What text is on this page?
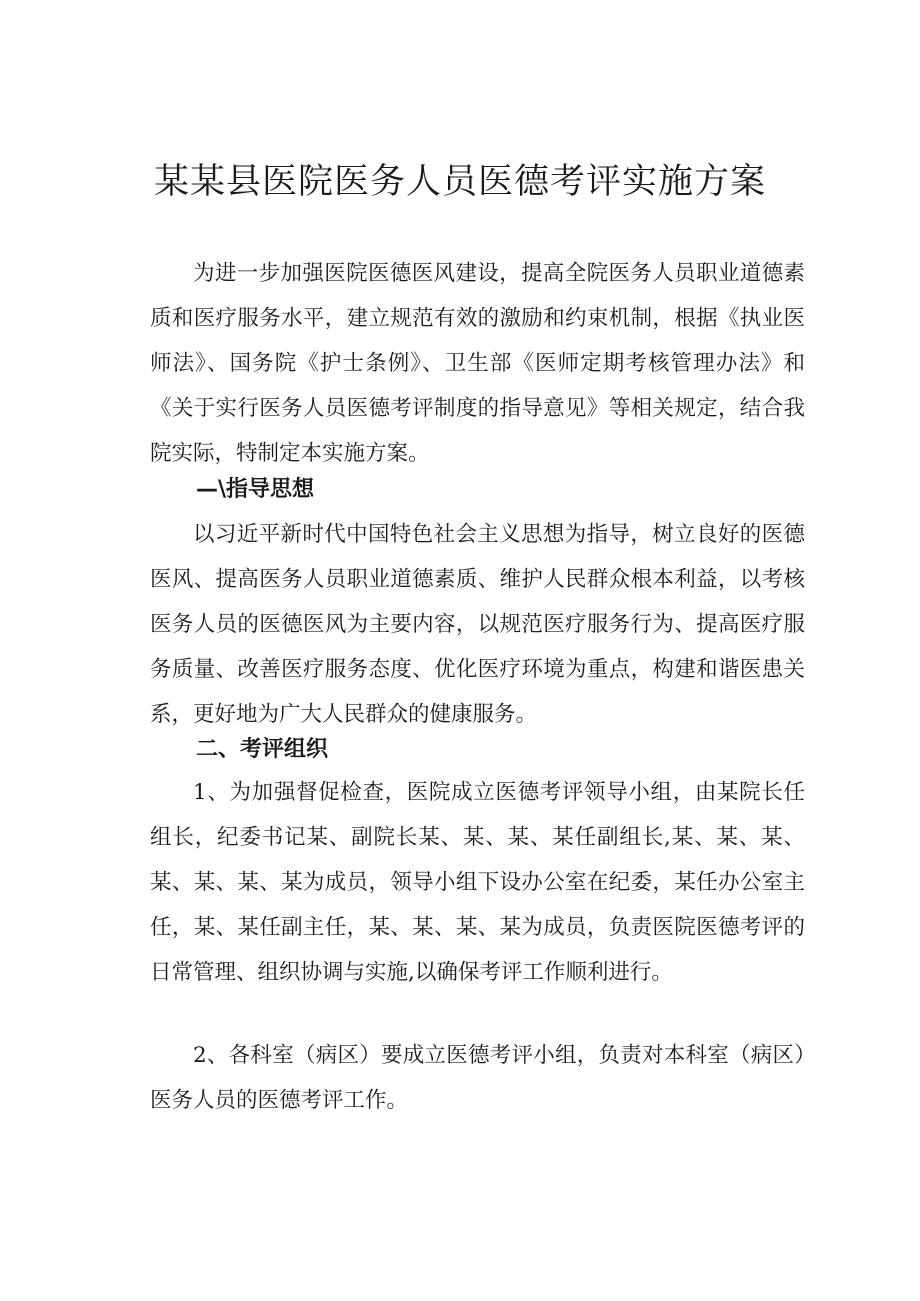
某某县医院医务人员医德考评实施方案

为进一步加强医院医德医风建设，提高全院医务人员职业道德素质和医疗服务水平，建立规范有效的激励和约束机制，根据《执业医师法》、国务院《护士条例》、卫生部《医师定期考核管理办法》和《关于实行医务人员医德考评制度的指导意见》等相关规定，结合我院实际，特制定本实施方案。

—\指导思想

以习近平新时代中国特色社会主义思想为指导，树立良好的医德医风、提高医务人员职业道德素质、维护人民群众根本利益，以考核医务人员的医德医风为主要内容，以规范医疗服务行为、提高医疗服务质量、改善医疗服务态度、优化医疗环境为重点，构建和谐医患关系，更好地为广大人民群众的健康服务。

二、考评组织

1、为加强督促检查，医院成立医德考评领导小组，由某院长任组长，纪委书记某、副院长某、某、某、某任副组长,某、某、某、某、某、某、某为成员，领导小组下设办公室在纪委，某任办公室主任，某、某任副主任，某、某、某、某为成员，负责医院医德考评的日常管理、组织协调与实施,以确保考评工作顺利进行。

2、各科室（病区）要成立医德考评小组，负责对本科室（病区）医务人员的医德考评工作。
